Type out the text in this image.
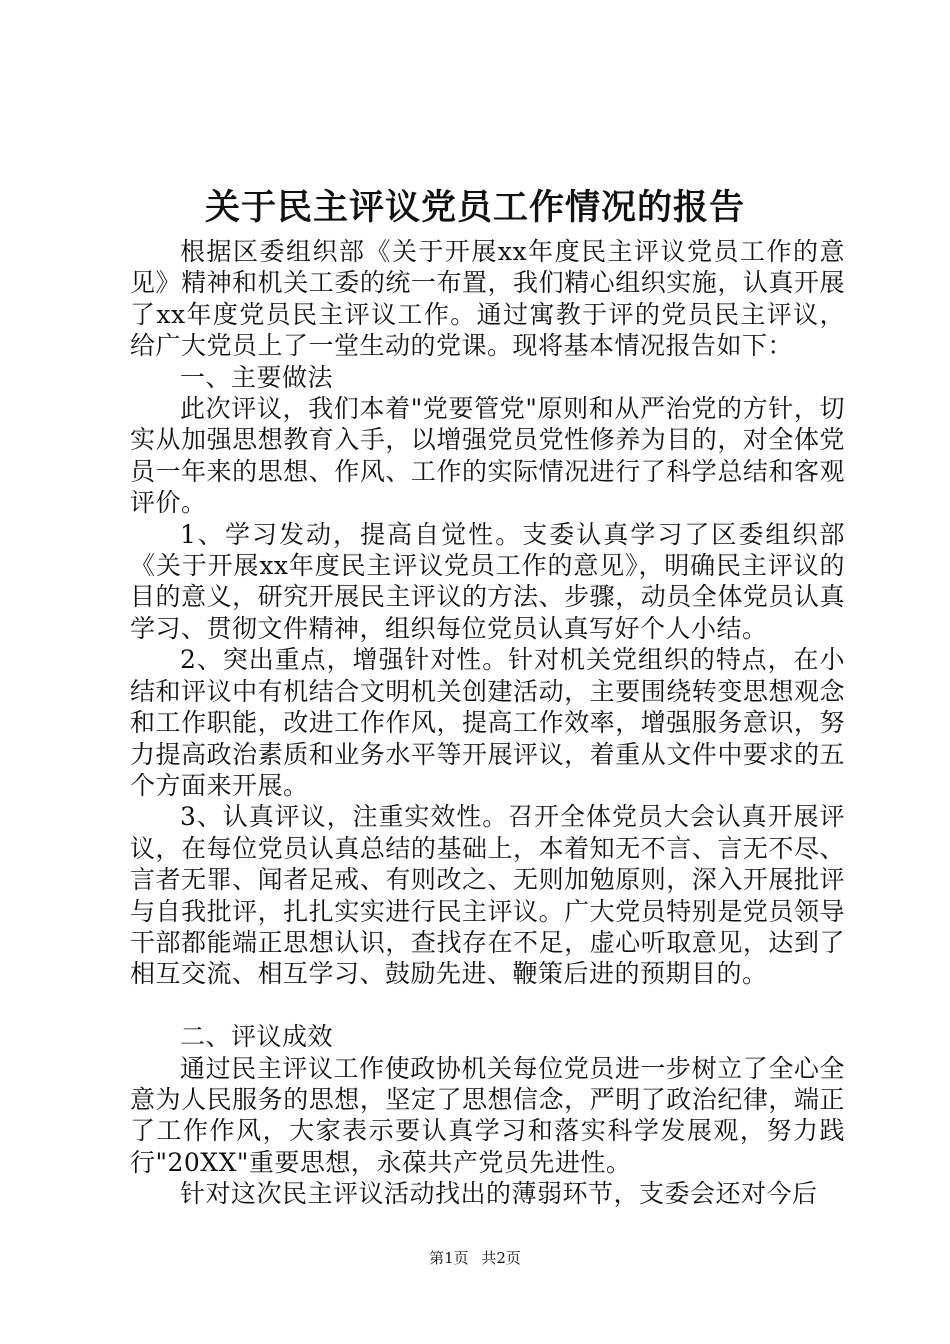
关于民主评议党员工作情况的报告

根据区委组织部《关于开展xx年度民主评议党员工作的意见》精神和机关工委的统一布置，我们精心组织实施，认真开展了xx年度党员民主评议工作。通过寓教于评的党员民主评议，给广大党员上了一堂生动的党课。现将基本情况报告如下：

一、主要做法

此次评议，我们本着"党要管党"原则和从严治党的方针，切实从加强思想教育入手，以增强党员党性修养为目的，对全体党员一年来的思想、作风、工作的实际情况进行了科学总结和客观评价。

1、学习发动，提高自觉性。支委认真学习了区委组织部《关于开展xx年度民主评议党员工作的意见》，明确民主评议的目的意义，研究开展民主评议的方法、步骤，动员全体党员认真学习、贯彻文件精神，组织每位党员认真写好个人小结。

2、突出重点，增强针对性。针对机关党组织的特点，在小结和评议中有机结合文明机关创建活动，主要围绕转变思想观念和工作职能，改进工作作风，提高工作效率，增强服务意识，努力提高政治素质和业务水平等开展评议，着重从文件中要求的五个方面来开展。

3、认真评议，注重实效性。召开全体党员大会认真开展评议，在每位党员认真总结的基础上，本着知无不言、言无不尽、言者无罪、闻者足戒、有则改之、无则加勉原则，深入开展批评与自我批评，扎扎实实进行民主评议。广大党员特别是党员领导干部都能端正思想认识，查找存在不足，虚心听取意见，达到了相互交流、相互学习、鼓励先进、鞭策后进的预期目的。

二、评议成效

通过民主评议工作使政协机关每位党员进一步树立了全心全意为人民服务的思想，坚定了思想信念，严明了政治纪律，端正了工作作风，大家表示要认真学习和落实科学发展观，努力践行"20XX"重要思想，永葆共产党员先进性。

针对这次民主评议活动找出的薄弱环节，支委会还对今后

第1页 共2页
